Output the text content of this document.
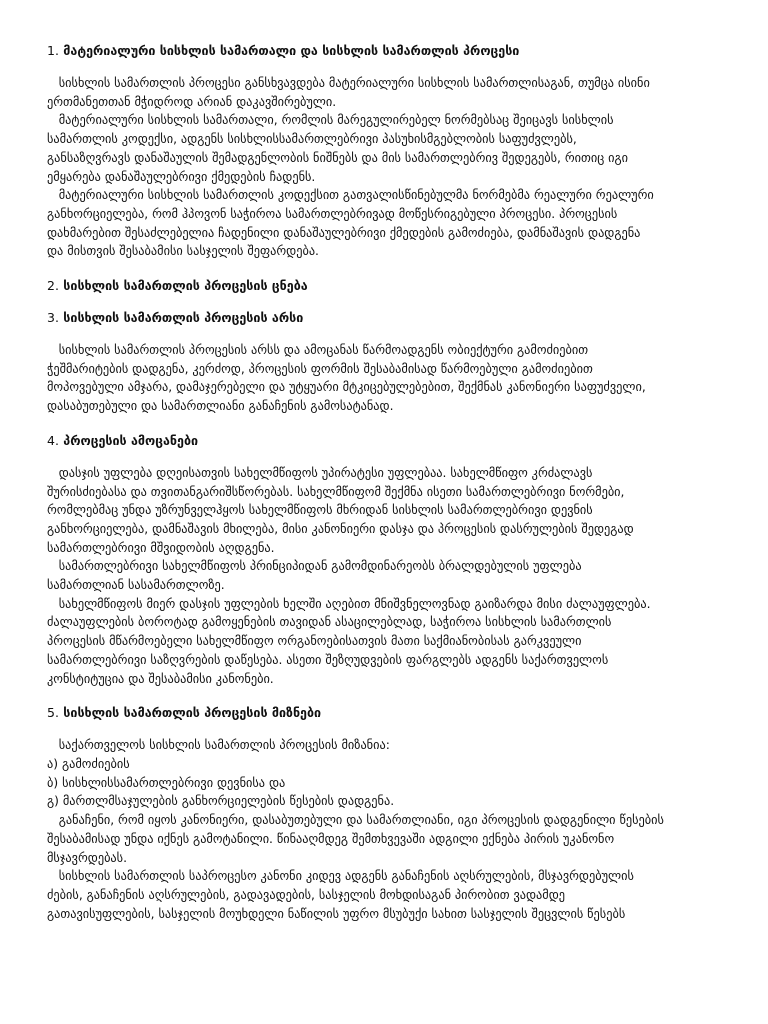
1. მატერიალური სისხლის სამართალი და სისხლის სამართლის პროცესი
სისხლის სამართლის პროცესი განსხვავდება მატერიალური სისხლის სამართლისაგან, თუმცა ისინი
ერთმანეთთან მჭიდროდ არიან დაკავშირებული.
მატერიალური სისხლის სამართალი, რომლის მარეგულირებელ ნორმებსაც შეიცავს სისხლის
სამართლის კოდექსი, ადგენს სისხლისსამართლებრივი პასუხისმგებლობის საფუძვლებს,
განსაზღვრავს დანაშაულის შემადგენლობის ნიშნებს და მის სამართლებრივ შედეგებს, რითიც იგი
ემყარება დანაშაულებრივი ქმედების ჩადენს.
მატერიალური სისხლის სამართლის კოდექსით გათვალისწინებულმა ნორმებმა რეალური რეალური
განხორციელება, რომ ჰპოვონ საჭიროა სამართლებრივად მოწესრიგებული პროცესი. პროცესის
დახმარებით შესაძლებელია ჩადენილი დანაშაულებრივი ქმედების გამოძიება, დამნაშავის დადგენა
და მისთვის შესაბამისი სასჯელის შეფარდება.
2. სისხლის სამართლის პროცესის ცნება
3. სისხლის სამართლის პროცესის არსი
სისხლის სამართლის პროცესის არსს და ამოცანას წარმოადგენს ობიექტური გამოძიებით
ჭეშმარიტების დადგენა, კერძოდ, პროცესის ფორმის შესაბამისად წარმოებული გამოძიებით
მოპოვებული ამჯარა, დამაჯერებელი და უტყუარი მტკიცებულებებით, შექმნას კანონიერი საფუძველი,
დასაბუთებული და სამართლიანი განაჩენის გამოსატანად.
4. პროცესის ამოცანები
დასჯის უფლება დღეისათვის სახელმწიფოს უპირატესი უფლებაა. სახელმწიფო კრძალავს
შურისძიებასა და თვითანგარიშსწორებას. სახელმწიფომ შექმნა ისეთი სამართლებრივი ნორმები,
რომლებმაც უნდა უზრუნველჰყოს სახელმწიფოს მხრიდან სისხლის სამართლებრივი დევნის
განხორციელება, დამნაშავის მხილება, მისი კანონიერი დასჯა და პროცესის დასრულების შედეგად
სამართლებრივი მშვიდობის აღდგენა.
სამართლებრივი სახელმწიფოს პრინციპიდან გამომდინარეობს ბრალდებულის უფლება
სამართლიან სასამართლოზე.
სახელმწიფოს მიერ დასჯის უფლების ხელში აღებით მნიშვნელოვნად გაიზარდა მისი ძალაუფლება.
ძალაუფლების ბოროტად გამოყენების თავიდან ასაცილებლად, საჭიროა სისხლის სამართლის
პროცესის მწარმოებელი სახელმწიფო ორგანოებისათვის მათი საქმიანობისას გარკვეული
სამართლებრივი საზღვრების დაწესება. ასეთი შეზღუდვების ფარგლებს ადგენს საქართველოს
კონსტიტუცია და შესაბამისი კანონები.
5. სისხლის სამართლის პროცესის მიზნები
საქართველოს სისხლის სამართლის პროცესის მიზანია:
ა) გამოძიების
ბ) სისხლისსამართლებრივი დევნისა და
გ) მართლმსაჯულების განხორციელების წესების დადგენა.
განაჩენი, რომ იყოს კანონიერი, დასაბუთებული და სამართლიანი, იგი პროცესის დადგენილი წესების
შესაბამისად უნდა იქნეს გამოტანილი. წინააღმდეგ შემთხვევაში ადგილი ექნება პირის უკანონო
მსჯავრდებას.
სისხლის სამართლის საპროცესო კანონი კიდევ ადგენს განაჩენის აღსრულების, მსჯავრდებულის
ძების, განაჩენის აღსრულების, გადავადების, სასჯელის მოხდისაგან პირობით ვადამდე
გათავისუფლების, სასჯელის მოუხდელი ნაწილის უფრო მსუბუქი სახით სასჯელის შეცვლის წესებს
